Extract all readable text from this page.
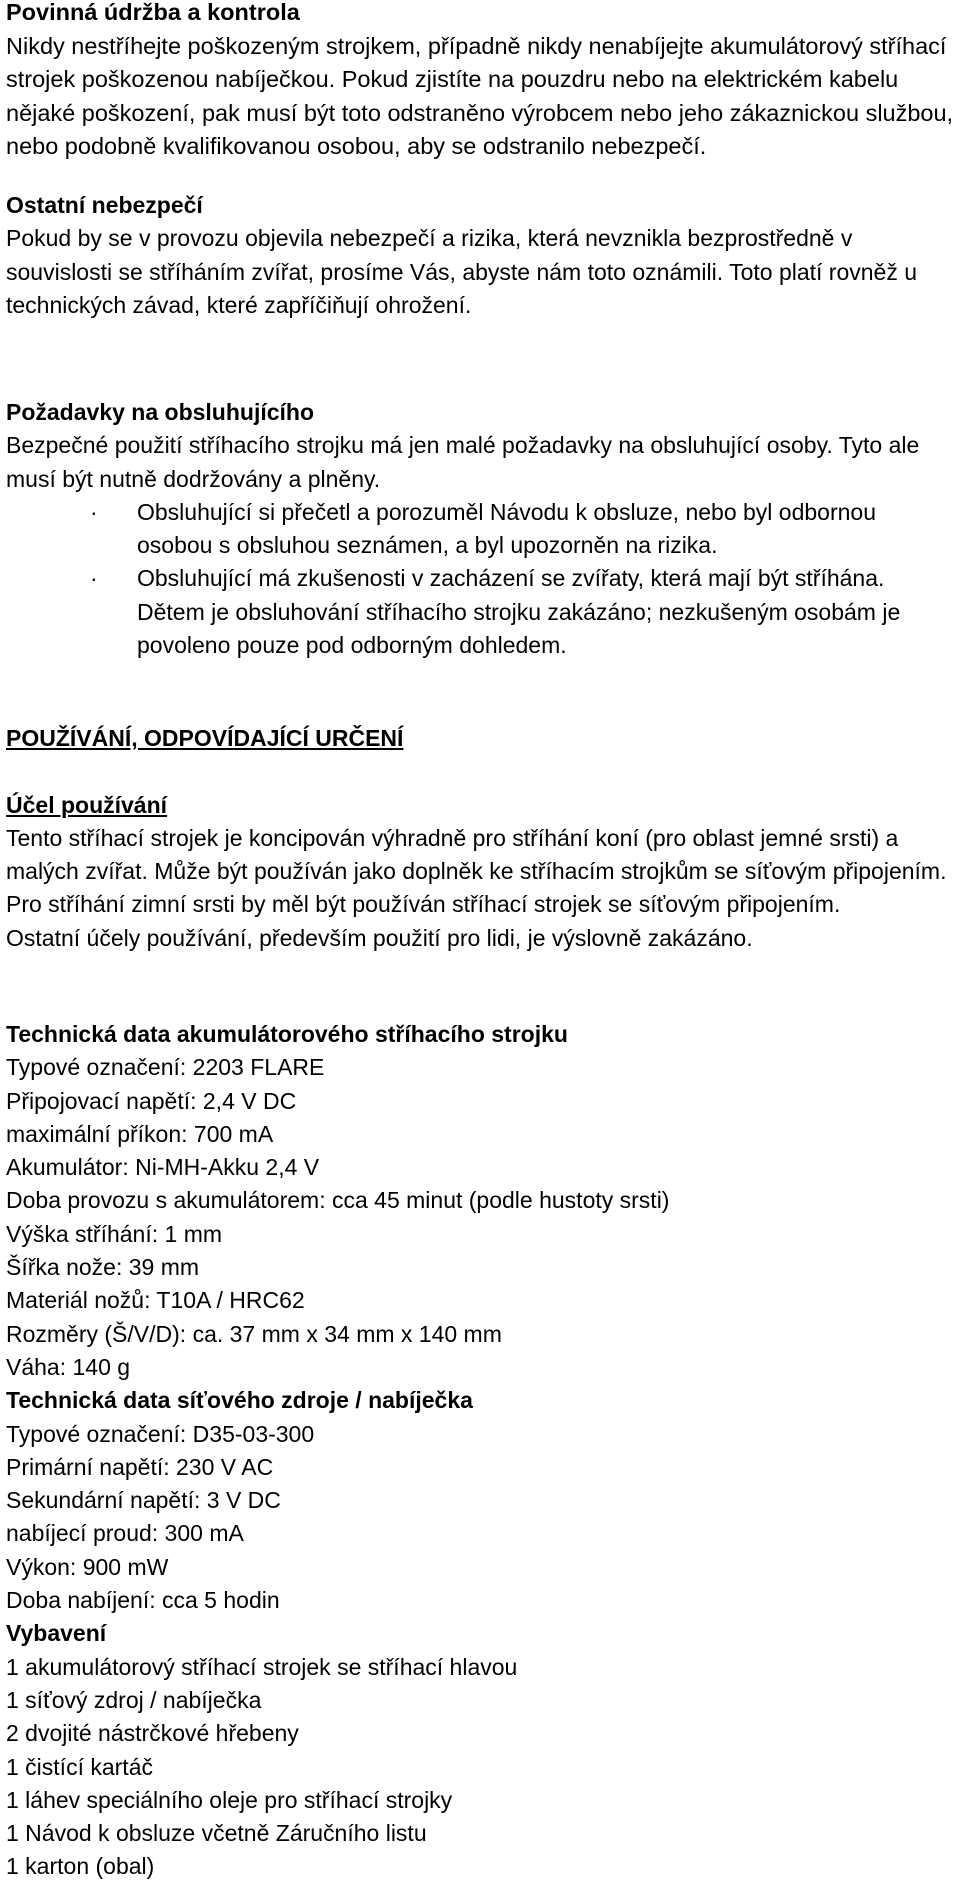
Povinná údržba a kontrola

Nikdy nestříhejte poškozeným strojkem, případně nikdy nenabíjejte akumulátorový stříhací strojek poškozenou nabíječkou. Pokud zjistíte na pouzdru nebo na elektrickém kabelu nějaké poškození, pak musí být toto odstraněno výrobcem nebo jeho zákaznickou službou, nebo podobně kvalifikovanou osobou, aby se odstranilo nebezpečí.

Ostatní nebezpečí

Pokud by se v provozu objevila nebezpečí a rizika, která nevznikla bezprostředně v souvislosti se stříháním zvířat, prosíme Vás, abyste nám toto oznámili. Toto platí rovněž u technických závad, které zapříčiňují ohrožení.

Požadavky na obsluhujícího

Bezpečné použití stříhacího strojku má jen malé požadavky na obsluhující osoby. Tyto ale musí být nutně dodržovány a plněny.

· Obsluhující si přečetl a porozuměl Návodu k obsluze, nebo byl odbornou osobou s obsluhou seznámen, a byl upozorněn na rizika.
· Obsluhující má zkušenosti v zacházení se zvířaty, která mají být stříhána. Dětem je obsluhování stříhacího strojku zakázáno; nezkušeným osobám je povoleno pouze pod odborným dohledem.
POUŽÍVÁNÍ, ODPOVÍDAJÍCÍ URČENÍ
Účel používání

Tento stříhací strojek je koncipován výhradně pro stříhání koní (pro oblast jemné srsti) a malých zvířat. Může být používán jako doplněk ke stříhacím strojkům se síťovým připojením. Pro stříhání zimní srsti by měl být používán stříhací strojek se síťovým připojením.

Ostatní účely používání, především použití pro lidi, je výslovně zakázáno.

Technická data akumulátorového stříhacího strojku
Typové označení: 2203 FLARE
Připojovací napětí: 2,4 V DC
maximální příkon: 700 mA
Akumulátor: Ni-MH-Akku 2,4 V
Doba provozu s akumulátorem: cca 45 minut (podle hustoty srsti)
Výška stříhání: 1 mm
Šířka nože: 39 mm
Materiál nožů: T10A / HRC62
Rozměry (Š/V/D): ca. 37 mm x 34 mm x 140 mm
Váha: 140 g
Technická data síťového zdroje / nabíječka
Typové označení: D35-03-300
Primární napětí: 230 V AC
Sekundární napětí: 3 V DC
nabíjecí proud: 300 mA
Výkon: 900 mW
Doba nabíjení: cca 5 hodin
Vybavení
1 akumulátorový stříhací strojek se stříhací hlavou
1 síťový zdroj / nabíječka
2 dvojité nástrčkové hřebeny
1 čistící kartáč
1 láhev speciálního oleje pro stříhací strojky
1 Návod k obsluze včetně Záručního listu
1 karton (obal)
